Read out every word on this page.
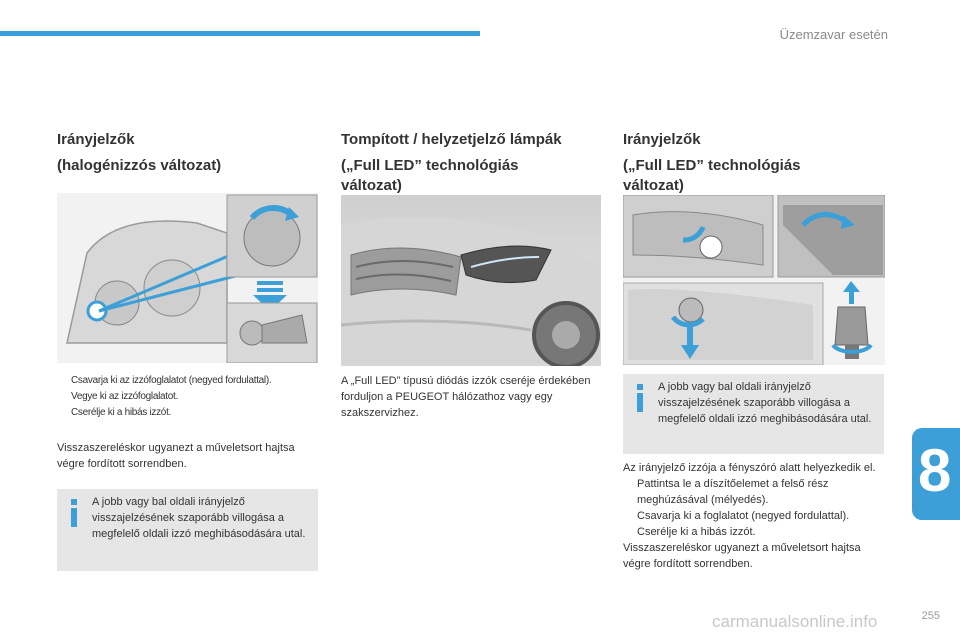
Üzemzavar esetén
Irányjelzők
(halogénizzós változat)
Csavarja ki az izzófoglalatot (negyed fordulattal).
Vegye ki az izzófoglalatot.
Cserélje ki a hibás izzót.
Visszaszereléskor ugyanezt a műveletsort hajtsa végre fordított sorrendben.
A jobb vagy bal oldali irányjelző visszajelzésének szaporább villogása a megfelelő oldali izzó meghibásodására utal.
Tompított / helyzetjelző lámpák
(„Full LED” technológiás
változat)
A „Full LED” típusú diódás izzók cseréje érdekében forduljon a PEUGEOT hálózathoz vagy egy szakszervizhez.
Irányjelzők
(„Full LED” technológiás
változat)
A jobb vagy bal oldali irányjelző visszajelzésének szaporább villogása a megfelelő oldali izzó meghibásodására utal.
Az irányjelző izzója a fényszóró alatt helyezkedik el.
Pattintsa le a díszítőelemet a felső rész meghúzásával (mélyedés).
Csavarja ki a foglalatot (negyed fordulattal).
Cserélje ki a hibás izzót.
Visszaszereléskor ugyanezt a műveletsort hajtsa végre fordított sorrendben.
8
carmanualsonline.info	255
